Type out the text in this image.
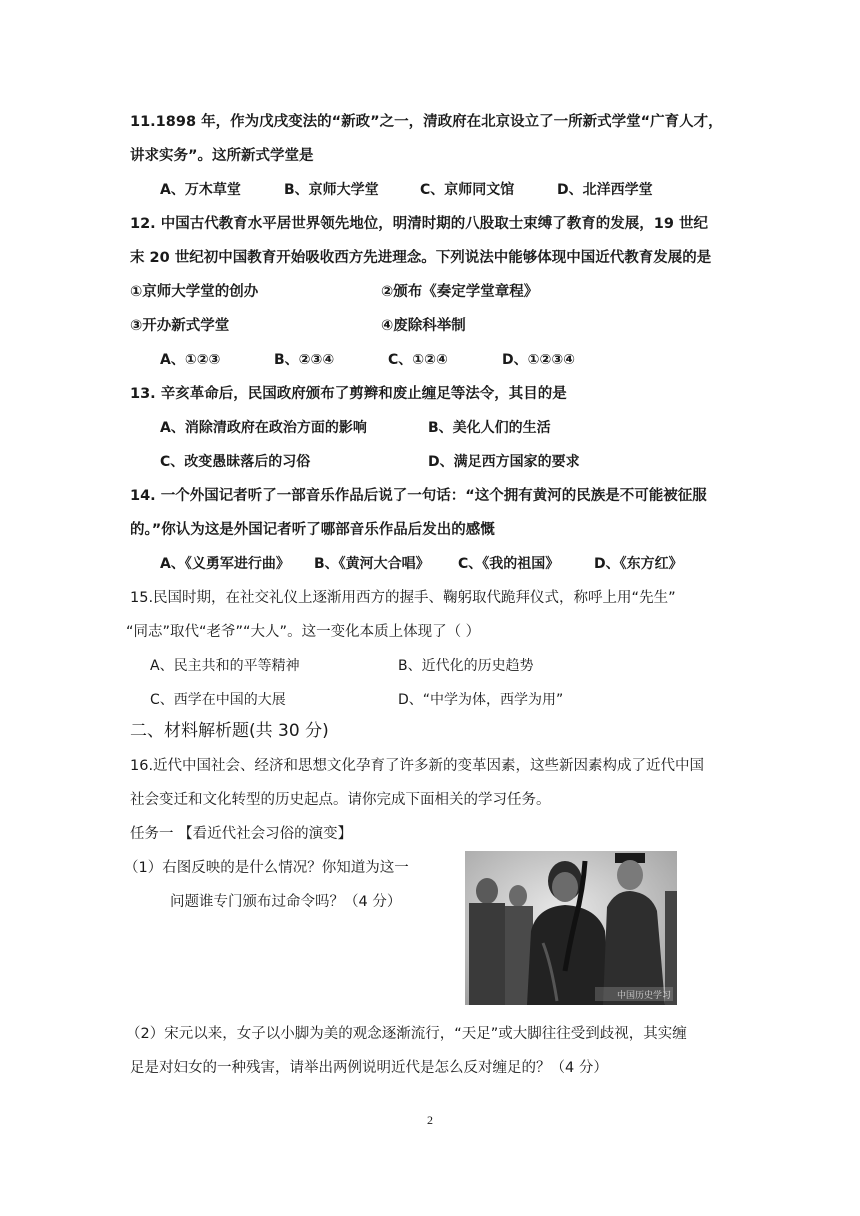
11.1898 年，作为戊戌变法的“新政”之一，清政府在北京设立了一所新式学堂“广育人才，
讲求实务”。这所新式学堂是
A、万木草堂	B、京师大学堂	C、京师同文馆	D、北洋西学堂
12. 中国古代教育水平居世界领先地位，明清时期的八股取士束缚了教育的发展，19 世纪
末 20 世纪初中国教育开始吸收西方先进理念。下列说法中能够体现中国近代教育发展的是
①京师大学堂的创办	②颁布《奏定学堂章程》
③开办新式学堂	④废除科举制
A、①②③	B、②③④	C、①②④	D、①②③④
13. 辛亥革命后，民国政府颁布了剪辫和废止缠足等法令，其目的是
A、消除清政府在政治方面的影响	B、美化人们的生活
C、改变愚昧落后的习俗	D、满足西方国家的要求
14. 一个外国记者听了一部音乐作品后说了一句话：“这个拥有黄河的民族是不可能被征服
的。”你认为这是外国记者听了哪部音乐作品后发出的感慨
A、《义勇军进行曲》 B、《黄河大合唱》 C、《我的祖国》 D、《东方红》
15.民国时期，在社交礼仪上逐渐用西方的握手、鞠躬取代跪拜仪式，称呼上用“先生”
“同志”取代“老爷”“大人”。这一变化本质上体现了（ ）
A、民主共和的平等精神	B、近代化的历史趋势
C、西学在中国的大展	D、“中学为体，西学为用”
二、材料解析题(共 30 分)
16.近代中国社会、经济和思想文化孕育了许多新的变革因素，这些新因素构成了近代中国
社会变迁和文化转型的历史起点。请你完成下面相关的学习任务。
任务一 【看近代社会习俗的演变】
（1）右图反映的是什么情况？你知道为这一
问题谁专门颁布过命令吗？（4 分）
中国历史学习
（2）宋元以来，女子以小脚为美的观念逐渐流行，“天足”或大脚往往受到歧视，其实缠
足是对妇女的一种残害，请举出两例说明近代是怎么反对缠足的？（4 分）
2
